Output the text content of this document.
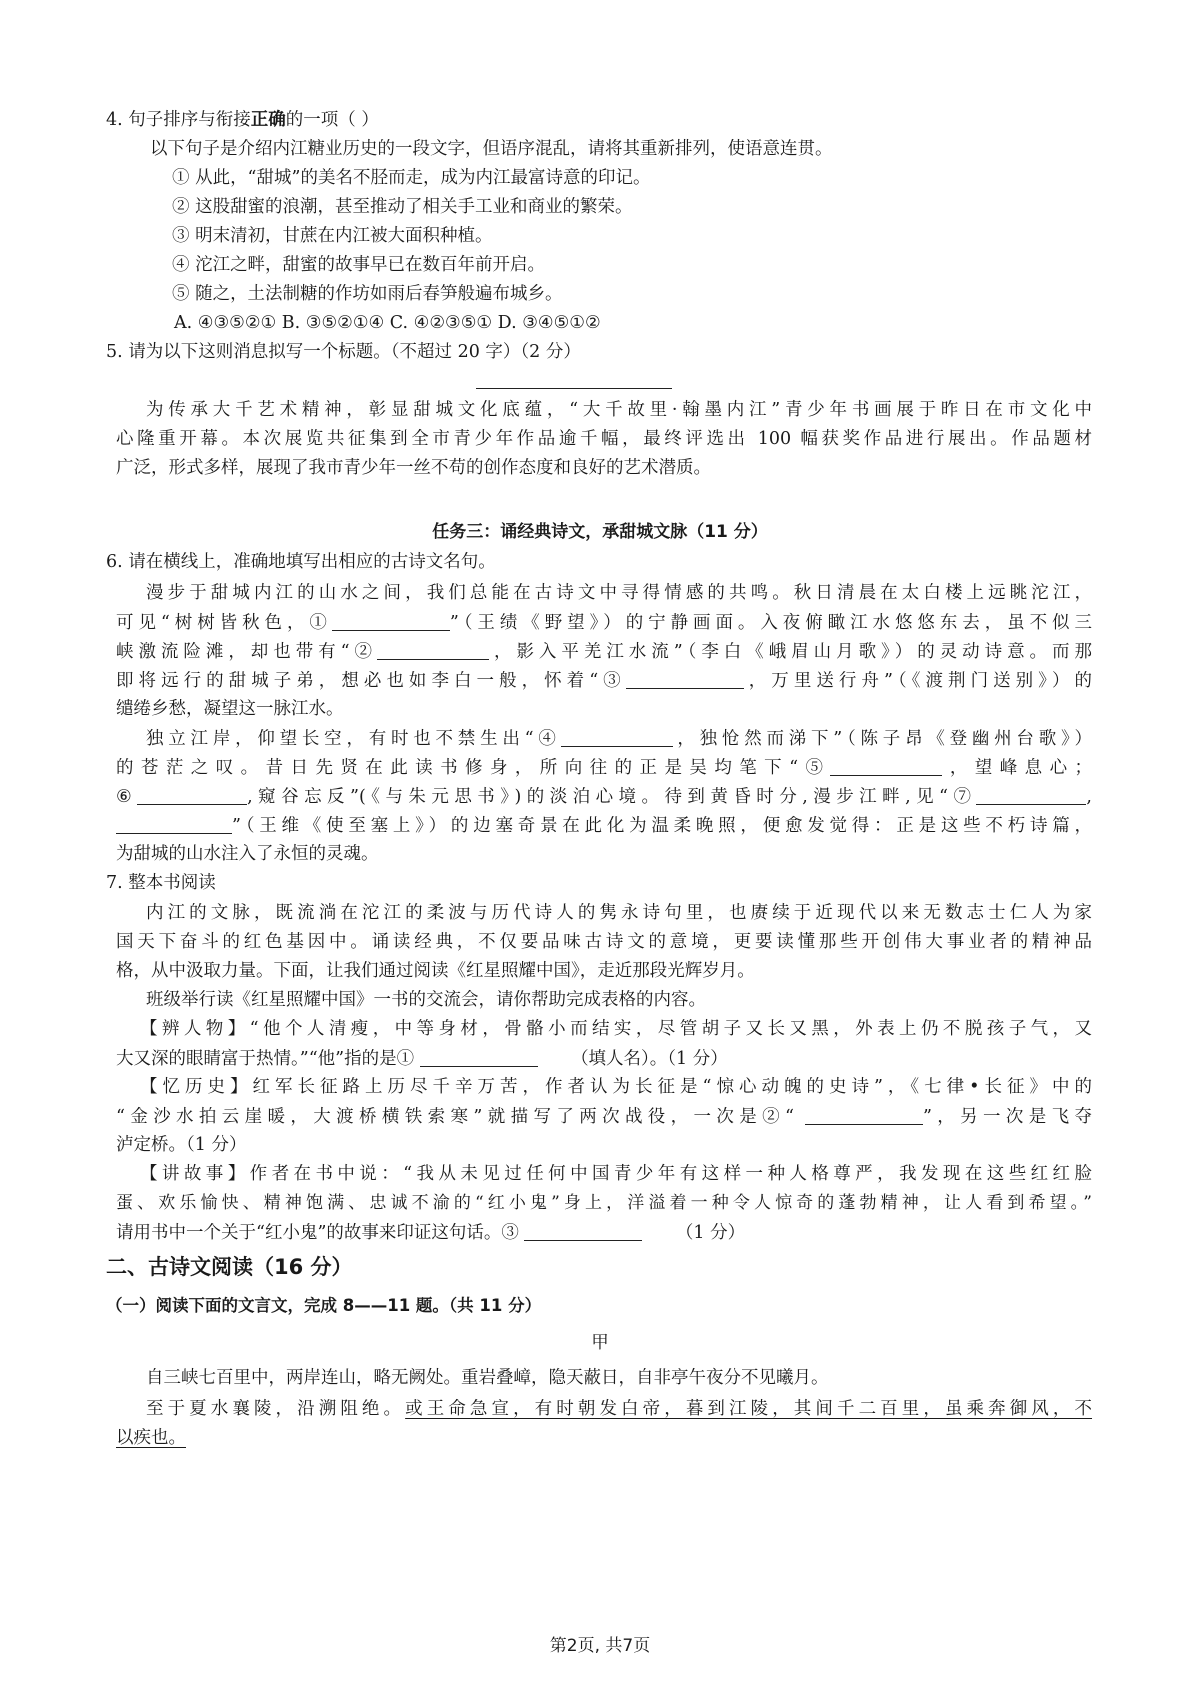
4. 句子排序与衔接正确的一项（ ）
以下句子是介绍内江糖业历史的一段文字，但语序混乱，请将其重新排列，使语意连贯。
① 从此，“甜城”的美名不胫而走，成为内江最富诗意的印记。
② 这股甜蜜的浪潮，甚至推动了相关手工业和商业的繁荣。
③ 明末清初，甘蔗在内江被大面积种植。
④ 沱江之畔，甜蜜的故事早已在数百年前开启。
⑤ 随之，土法制糖的作坊如雨后春笋般遍布城乡。
A. ④③⑤②① B. ③⑤②①④ C. ④②③⑤① D. ③④⑤①②
5. 请为以下这则消息拟写一个标题。（不超过 20 字）（2 分）
为传承大千艺术精神，彰显甜城文化底蕴，“大千故里·翰墨内江”青少年书画展于昨日在市文化中
心隆重开幕。本次展览共征集到全市青少年作品逾千幅，最终评选出 100 幅获奖作品进行展出。作品题材
广泛，形式多样，展现了我市青少年一丝不苟的创作态度和良好的艺术潜质。
任务三：诵经典诗文，承甜城文脉（11 分）
6. 请在横线上，准确地填写出相应的古诗文名句。
漫步于甜城内江的山水之间，我们总能在古诗文中寻得情感的共鸣。秋日清晨在太白楼上远眺沱江，
可见“树树皆秋色，①	”（王绩《野望》）的宁静画面。入夜俯瞰江水悠悠东去，虽不似三
峡激流险滩，却也带有“②	，影入平羌江水流”（李白《峨眉山月歌》）的灵动诗意。而那
即将远行的甜城子弟，想必也如李白一般，怀着“③	，万里送行舟”（《渡荆门送别》）的
缱绻乡愁，凝望这一脉江水。
独立江岸，仰望长空，有时也不禁生出“④	，独怆然而涕下”（陈子昂《登幽州台歌》）
的苍茫之叹。昔日先贤在此读书修身，所向往的正是吴均笔下“⑤	，望峰息心；
⑥	,窥谷忘反”(《与朱元思书》)的淡泊心境。待到黄昏时分,漫步江畔,见“⑦	,
”（王维《使至塞上》）的边塞奇景在此化为温柔晚照，便愈发觉得：正是这些不朽诗篇，
为甜城的山水注入了永恒的灵魂。
7. 整本书阅读
内江的文脉，既流淌在沱江的柔波与历代诗人的隽永诗句里，也赓续于近现代以来无数志士仁人为家
国天下奋斗的红色基因中。诵读经典，不仅要品味古诗文的意境，更要读懂那些开创伟大事业者的精神品
格，从中汲取力量。下面，让我们通过阅读《红星照耀中国》，走近那段光辉岁月。
班级举行读《红星照耀中国》一书的交流会，请你帮助完成表格的内容。
【辨人物】“他个人清瘦，中等身材，骨骼小而结实，尽管胡子又长又黑，外表上仍不脱孩子气，又
大又深的眼睛富于热情。”“他”指的是①	（填人名）。（1 分）
【忆历史】红军长征路上历尽千辛万苦，作者认为长征是“惊心动魄的史诗”，《七律•长征》中的
“金沙水拍云崖暖，大渡桥横铁索寒”就描写了两次战役，一次是②“	”，另一次是飞夺
泸定桥。（1 分）
【讲故事】作者在书中说：“我从未见过任何中国青少年有这样一种人格尊严，我发现在这些红红脸
蛋、欢乐愉快、精神饱满、忠诚不渝的“红小鬼”身上，洋溢着一种令人惊奇的蓬勃精神，让人看到希望。”
请用书中一个关于“红小鬼”的故事来印证这句话。③	（1 分）
二、古诗文阅读（16 分）
（一）阅读下面的文言文，完成 8——11 题。（共 11 分）
甲
自三峡七百里中，两岸连山，略无阙处。重岩叠嶂，隐天蔽日，自非亭午夜分不见曦月。
至于夏水襄陵，沿溯阻绝。或王命急宣，有时朝发白帝，暮到江陵，其间千二百里，虽乘奔御风，不
以疾也。
第2页, 共7页
